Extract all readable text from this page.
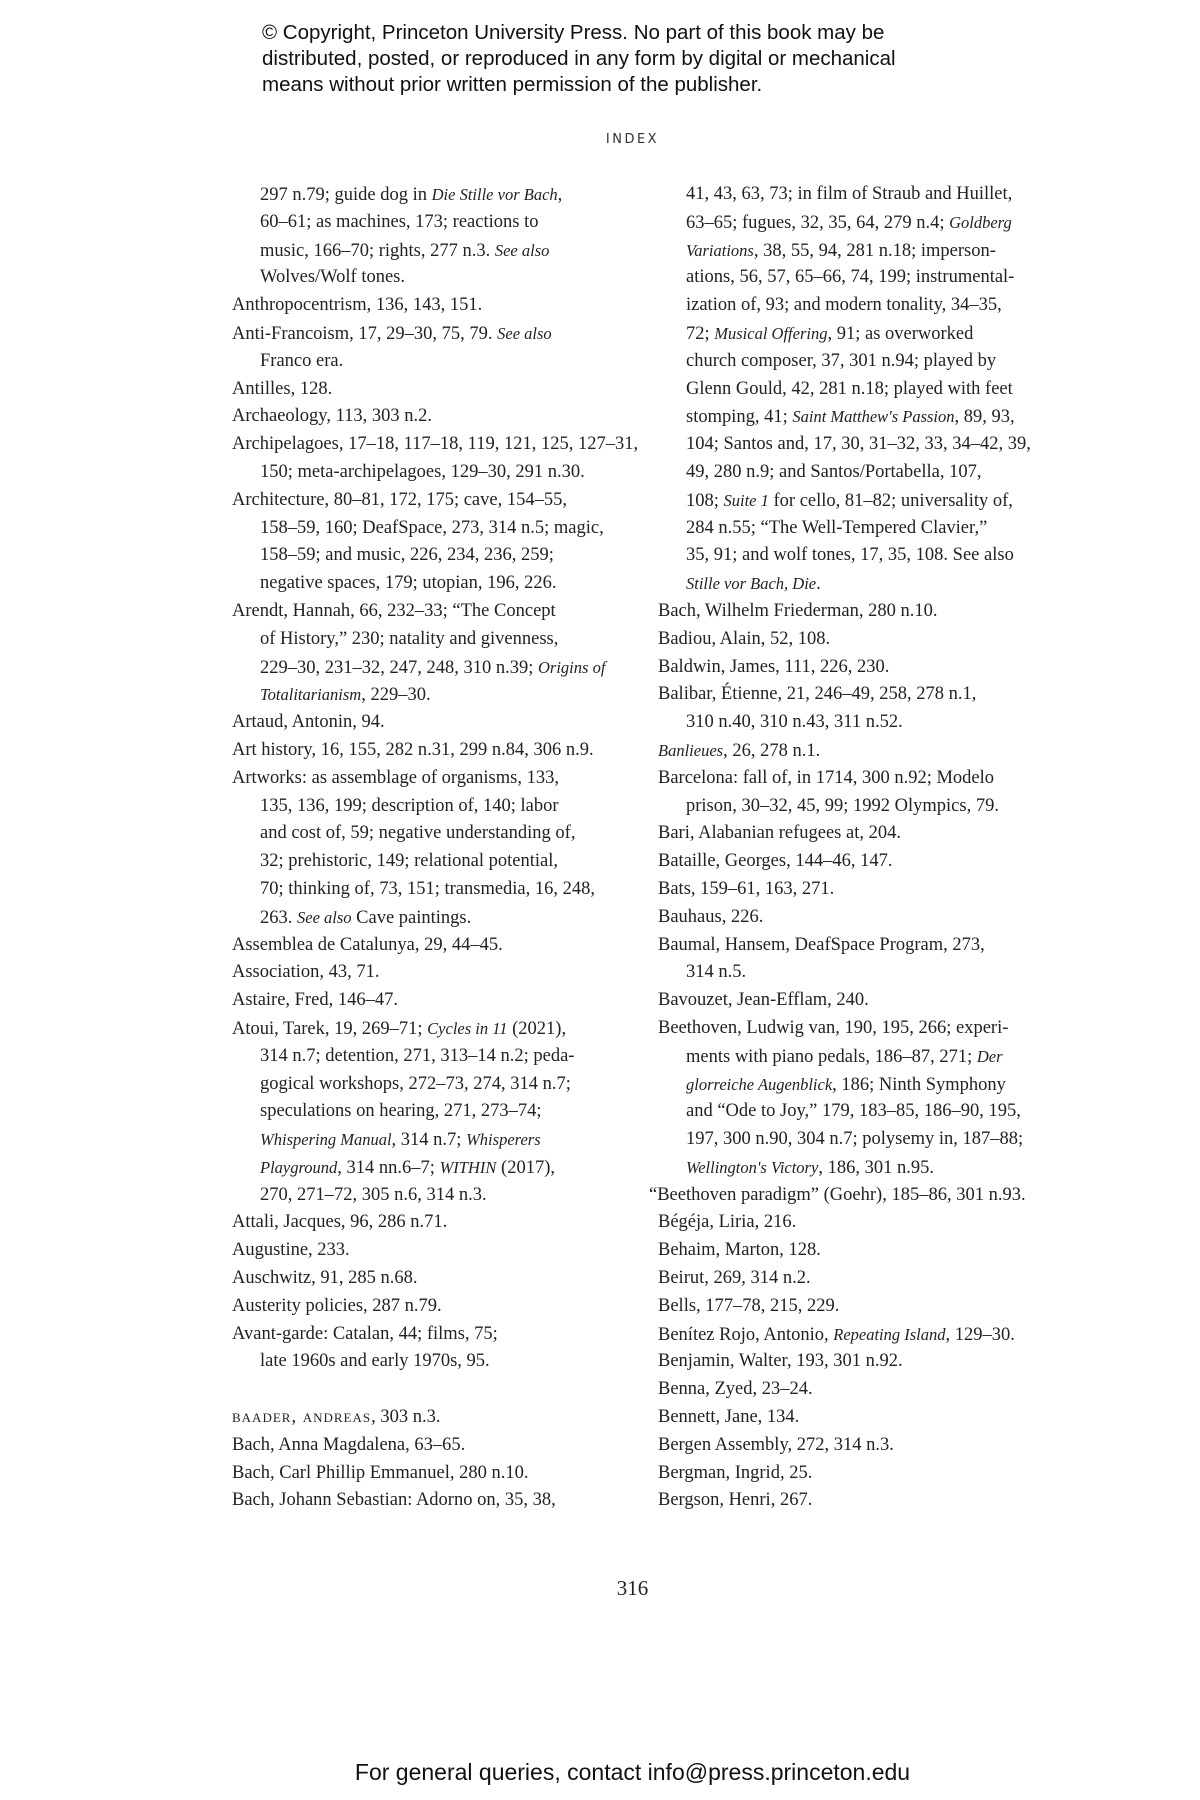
© Copyright, Princeton University Press. No part of this book may be
distributed, posted, or reproduced in any form by digital or mechanical
means without prior written permission of the publisher.
INDEX
297 n.79; guide dog in Die Stille vor Bach,
60–61; as machines, 173; reactions to
music, 166–70; rights, 277 n.3. See also
Wolves/Wolf tones.
Anthropocentrism, 136, 143, 151.
Anti-Francoism, 17, 29–30, 75, 79. See also
Franco era.
Antilles, 128.
Archaeology, 113, 303 n.2.
Archipelagoes, 17–18, 117–18, 119, 121, 125, 127–31,
150; meta-archipelagoes, 129–30, 291 n.30.
Architecture, 80–81, 172, 175; cave, 154–55,
158–59, 160; DeafSpace, 273, 314 n.5; magic,
158–59; and music, 226, 234, 236, 259;
negative spaces, 179; utopian, 196, 226.
Arendt, Hannah, 66, 232–33; “The Concept
of History,” 230; natality and givenness,
229–30, 231–32, 247, 248, 310 n.39; Origins of
Totalitarianism, 229–30.
Artaud, Antonin, 94.
Art history, 16, 155, 282 n.31, 299 n.84, 306 n.9.
Artworks: as assemblage of organisms, 133,
135, 136, 199; description of, 140; labor
and cost of, 59; negative understanding of,
32; prehistoric, 149; relational potential,
70; thinking of, 73, 151; transmedia, 16, 248,
263. See also Cave paintings.
Assemblea de Catalunya, 29, 44–45.
Association, 43, 71.
Astaire, Fred, 146–47.
Atoui, Tarek, 19, 269–71; Cycles in 11 (2021),
314 n.7; detention, 271, 313–14 n.2; peda-
gogical workshops, 272–73, 274, 314 n.7;
speculations on hearing, 271, 273–74;
Whispering Manual, 314 n.7; Whisperers
Playground, 314 nn.6–7; WITHIN (2017),
270, 271–72, 305 n.6, 314 n.3.
Attali, Jacques, 96, 286 n.71.
Augustine, 233.
Auschwitz, 91, 285 n.68.
Austerity policies, 287 n.79.
Avant-garde: Catalan, 44; films, 75;
late 1960s and early 1970s, 95.
baader, andreas, 303 n.3.
Bach, Anna Magdalena, 63–65.
Bach, Carl Phillip Emmanuel, 280 n.10.
Bach, Johann Sebastian: Adorno on, 35, 38,
41, 43, 63, 73; in film of Straub and Huillet,
63–65; fugues, 32, 35, 64, 279 n.4; Goldberg
Variations, 38, 55, 94, 281 n.18; imperson-
ations, 56, 57, 65–66, 74, 199; instrumental-
ization of, 93; and modern tonality, 34–35,
72; Musical Offering, 91; as overworked
church composer, 37, 301 n.94; played by
Glenn Gould, 42, 281 n.18; played with feet
stomping, 41; Saint Matthew's Passion, 89, 93,
104; Santos and, 17, 30, 31–32, 33, 34–42, 39,
49, 280 n.9; and Santos/Portabella, 107,
108; Suite 1 for cello, 81–82; universality of,
284 n.55; “The Well-Tempered Clavier,”
35, 91; and wolf tones, 17, 35, 108. See also
Stille vor Bach, Die.
Bach, Wilhelm Friederman, 280 n.10.
Badiou, Alain, 52, 108.
Baldwin, James, 111, 226, 230.
Balibar, Étienne, 21, 246–49, 258, 278 n.1,
310 n.40, 310 n.43, 311 n.52.
Banlieues, 26, 278 n.1.
Barcelona: fall of, in 1714, 300 n.92; Modelo
prison, 30–32, 45, 99; 1992 Olympics, 79.
Bari, Alabanian refugees at, 204.
Bataille, Georges, 144–46, 147.
Bats, 159–61, 163, 271.
Bauhaus, 226.
Baumal, Hansem, DeafSpace Program, 273,
314 n.5.
Bavouzet, Jean-Efflam, 240.
Beethoven, Ludwig van, 190, 195, 266; experi-
ments with piano pedals, 186–87, 271; Der
glorreiche Augenblick, 186; Ninth Symphony
and “Ode to Joy,” 179, 183–85, 186–90, 195,
197, 300 n.90, 304 n.7; polysemy in, 187–88;
Wellington's Victory, 186, 301 n.95.
“Beethoven paradigm” (Goehr), 185–86, 301 n.93.
Bégéja, Liria, 216.
Behaim, Marton, 128.
Beirut, 269, 314 n.2.
Bells, 177–78, 215, 229.
Benítez Rojo, Antonio, Repeating Island, 129–30.
Benjamin, Walter, 193, 301 n.92.
Benna, Zyed, 23–24.
Bennett, Jane, 134.
Bergen Assembly, 272, 314 n.3.
Bergman, Ingrid, 25.
Bergson, Henri, 267.
316
For general queries, contact info@press.princeton.edu
